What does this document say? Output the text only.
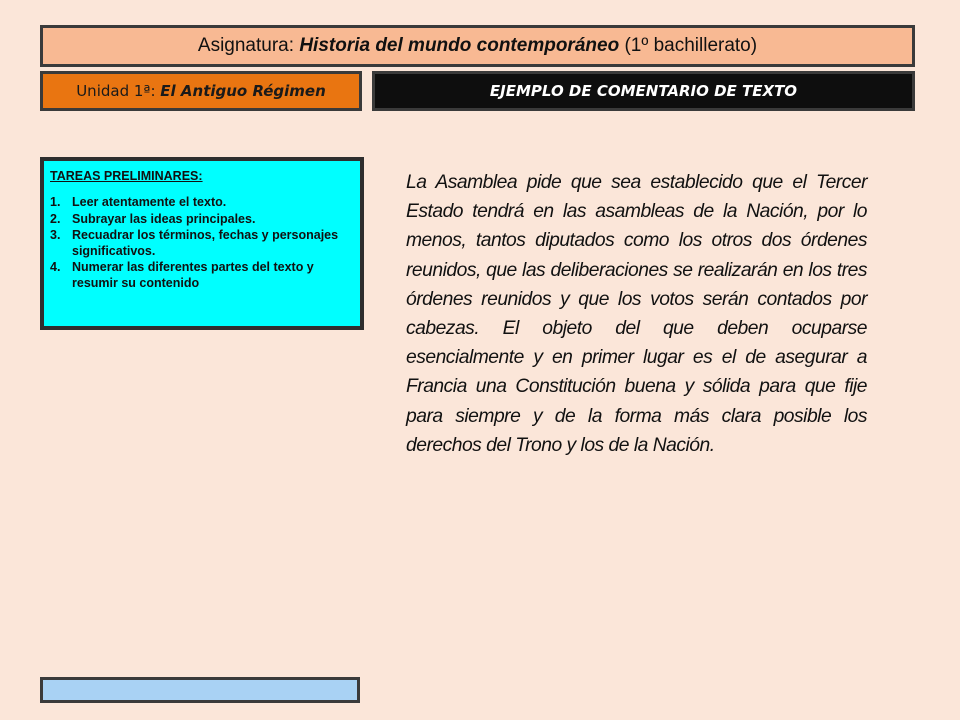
Asignatura: Historia del mundo contemporáneo (1º bachillerato)
Unidad 1ª: El Antiguo Régimen	EJEMPLO DE COMENTARIO DE TEXTO
TAREAS PRELIMINARES:
1. Leer atentamente el texto.
2. Subrayar las ideas principales.
3. Recuadrar los términos, fechas y personajes significativos.
4. Numerar las diferentes partes del texto y resumir su contenido
La Asamblea pide que sea establecido que el Tercer Estado tendrá en las asambleas de la Nación, por lo menos, tantos diputados como los otros dos órdenes reunidos, que las deliberaciones se realizarán en los tres órdenes reunidos y que los votos serán contados por cabezas. El objeto del que deben ocuparse esencialmente y en primer lugar es el de asegurar a Francia una Constitución buena y sólida para que fije para siempre y de la forma más clara posible los derechos del Trono y los de la Nación.
